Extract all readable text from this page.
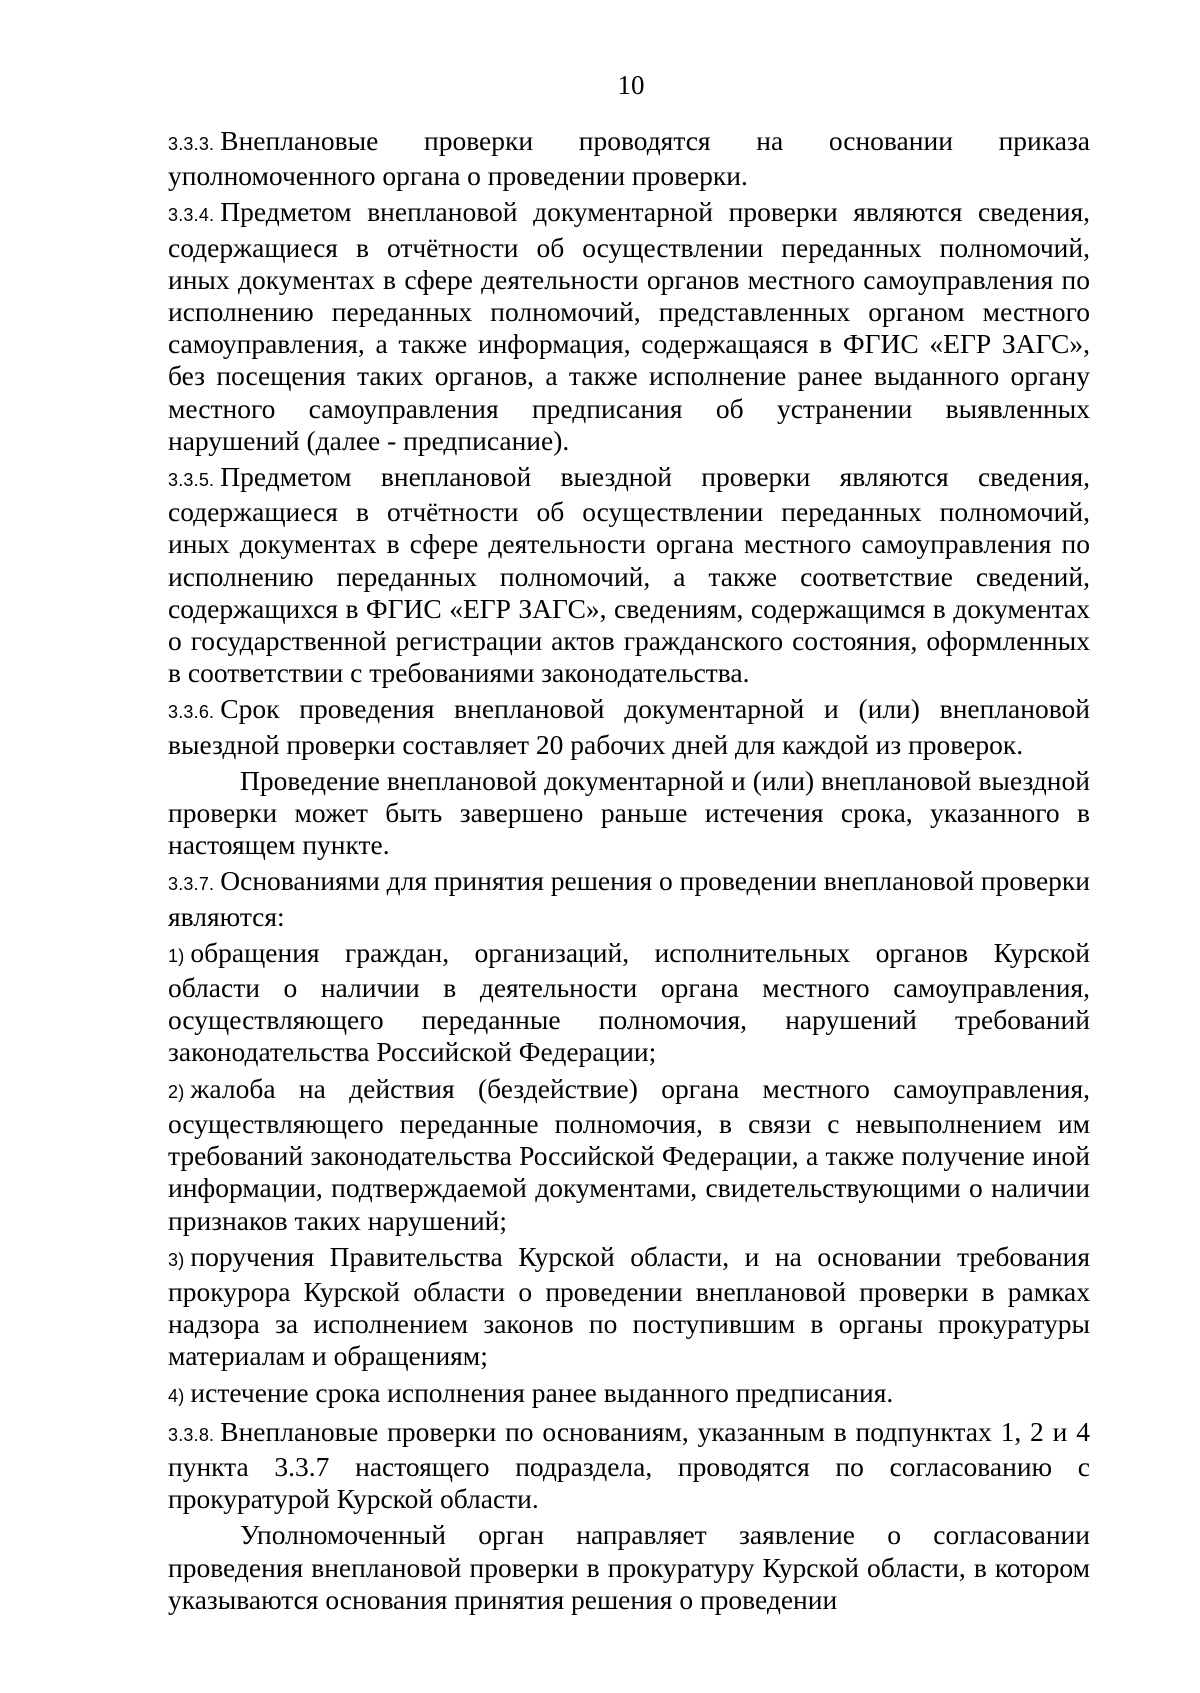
10

3.3.3. Внеплановые проверки проводятся на основании приказа уполномоченного органа о проведении проверки.

3.3.4. Предметом внеплановой документарной проверки являются сведения, содержащиеся в отчётности об осуществлении переданных полномочий, иных документах в сфере деятельности органов местного самоуправления по исполнению переданных полномочий, представленных органом местного самоуправления, а также информация, содержащаяся в ФГИС «ЕГР ЗАГС», без посещения таких органов, а также исполнение ранее выданного органу местного самоуправления предписания об устранении выявленных нарушений (далее - предписание).

3.3.5. Предметом внеплановой выездной проверки являются сведения, содержащиеся в отчётности об осуществлении переданных полномочий, иных документах в сфере деятельности органа местного самоуправления по исполнению переданных полномочий, а также соответствие сведений, содержащихся в ФГИС «ЕГР ЗАГС», сведениям, содержащимся в документах о государственной регистрации актов гражданского состояния, оформленных в соответствии с требованиями законодательства.

3.3.6. Срок проведения внеплановой документарной и (или) внеплановой выездной проверки составляет 20 рабочих дней для каждой из проверок.

Проведение внеплановой документарной и (или) внеплановой выездной проверки может быть завершено раньше истечения срока, указанного в настоящем пункте.

3.3.7. Основаниями для принятия решения о проведении внеплановой проверки являются:

1) обращения граждан, организаций, исполнительных органов Курской области о наличии в деятельности органа местного самоуправления, осуществляющего переданные полномочия, нарушений требований законодательства Российской Федерации;

2) жалоба на действия (бездействие) органа местного самоуправления, осуществляющего переданные полномочия, в связи с невыполнением им требований законодательства Российской Федерации, а также получение иной информации, подтверждаемой документами, свидетельствующими о наличии признаков таких нарушений;

3) поручения Правительства Курской области, и на основании требования прокурора Курской области о проведении внеплановой проверки в рамках надзора за исполнением законов по поступившим в органы прокуратуры материалам и обращениям;

4) истечение срока исполнения ранее выданного предписания.

3.3.8. Внеплановые проверки по основаниям, указанным в подпунктах 1, 2 и 4 пункта 3.3.7 настоящего подраздела, проводятся по согласованию с прокуратурой Курской области.

Уполномоченный орган направляет заявление о согласовании проведения внеплановой проверки в прокуратуру Курской области, в котором указываются основания принятия решения о проведении
